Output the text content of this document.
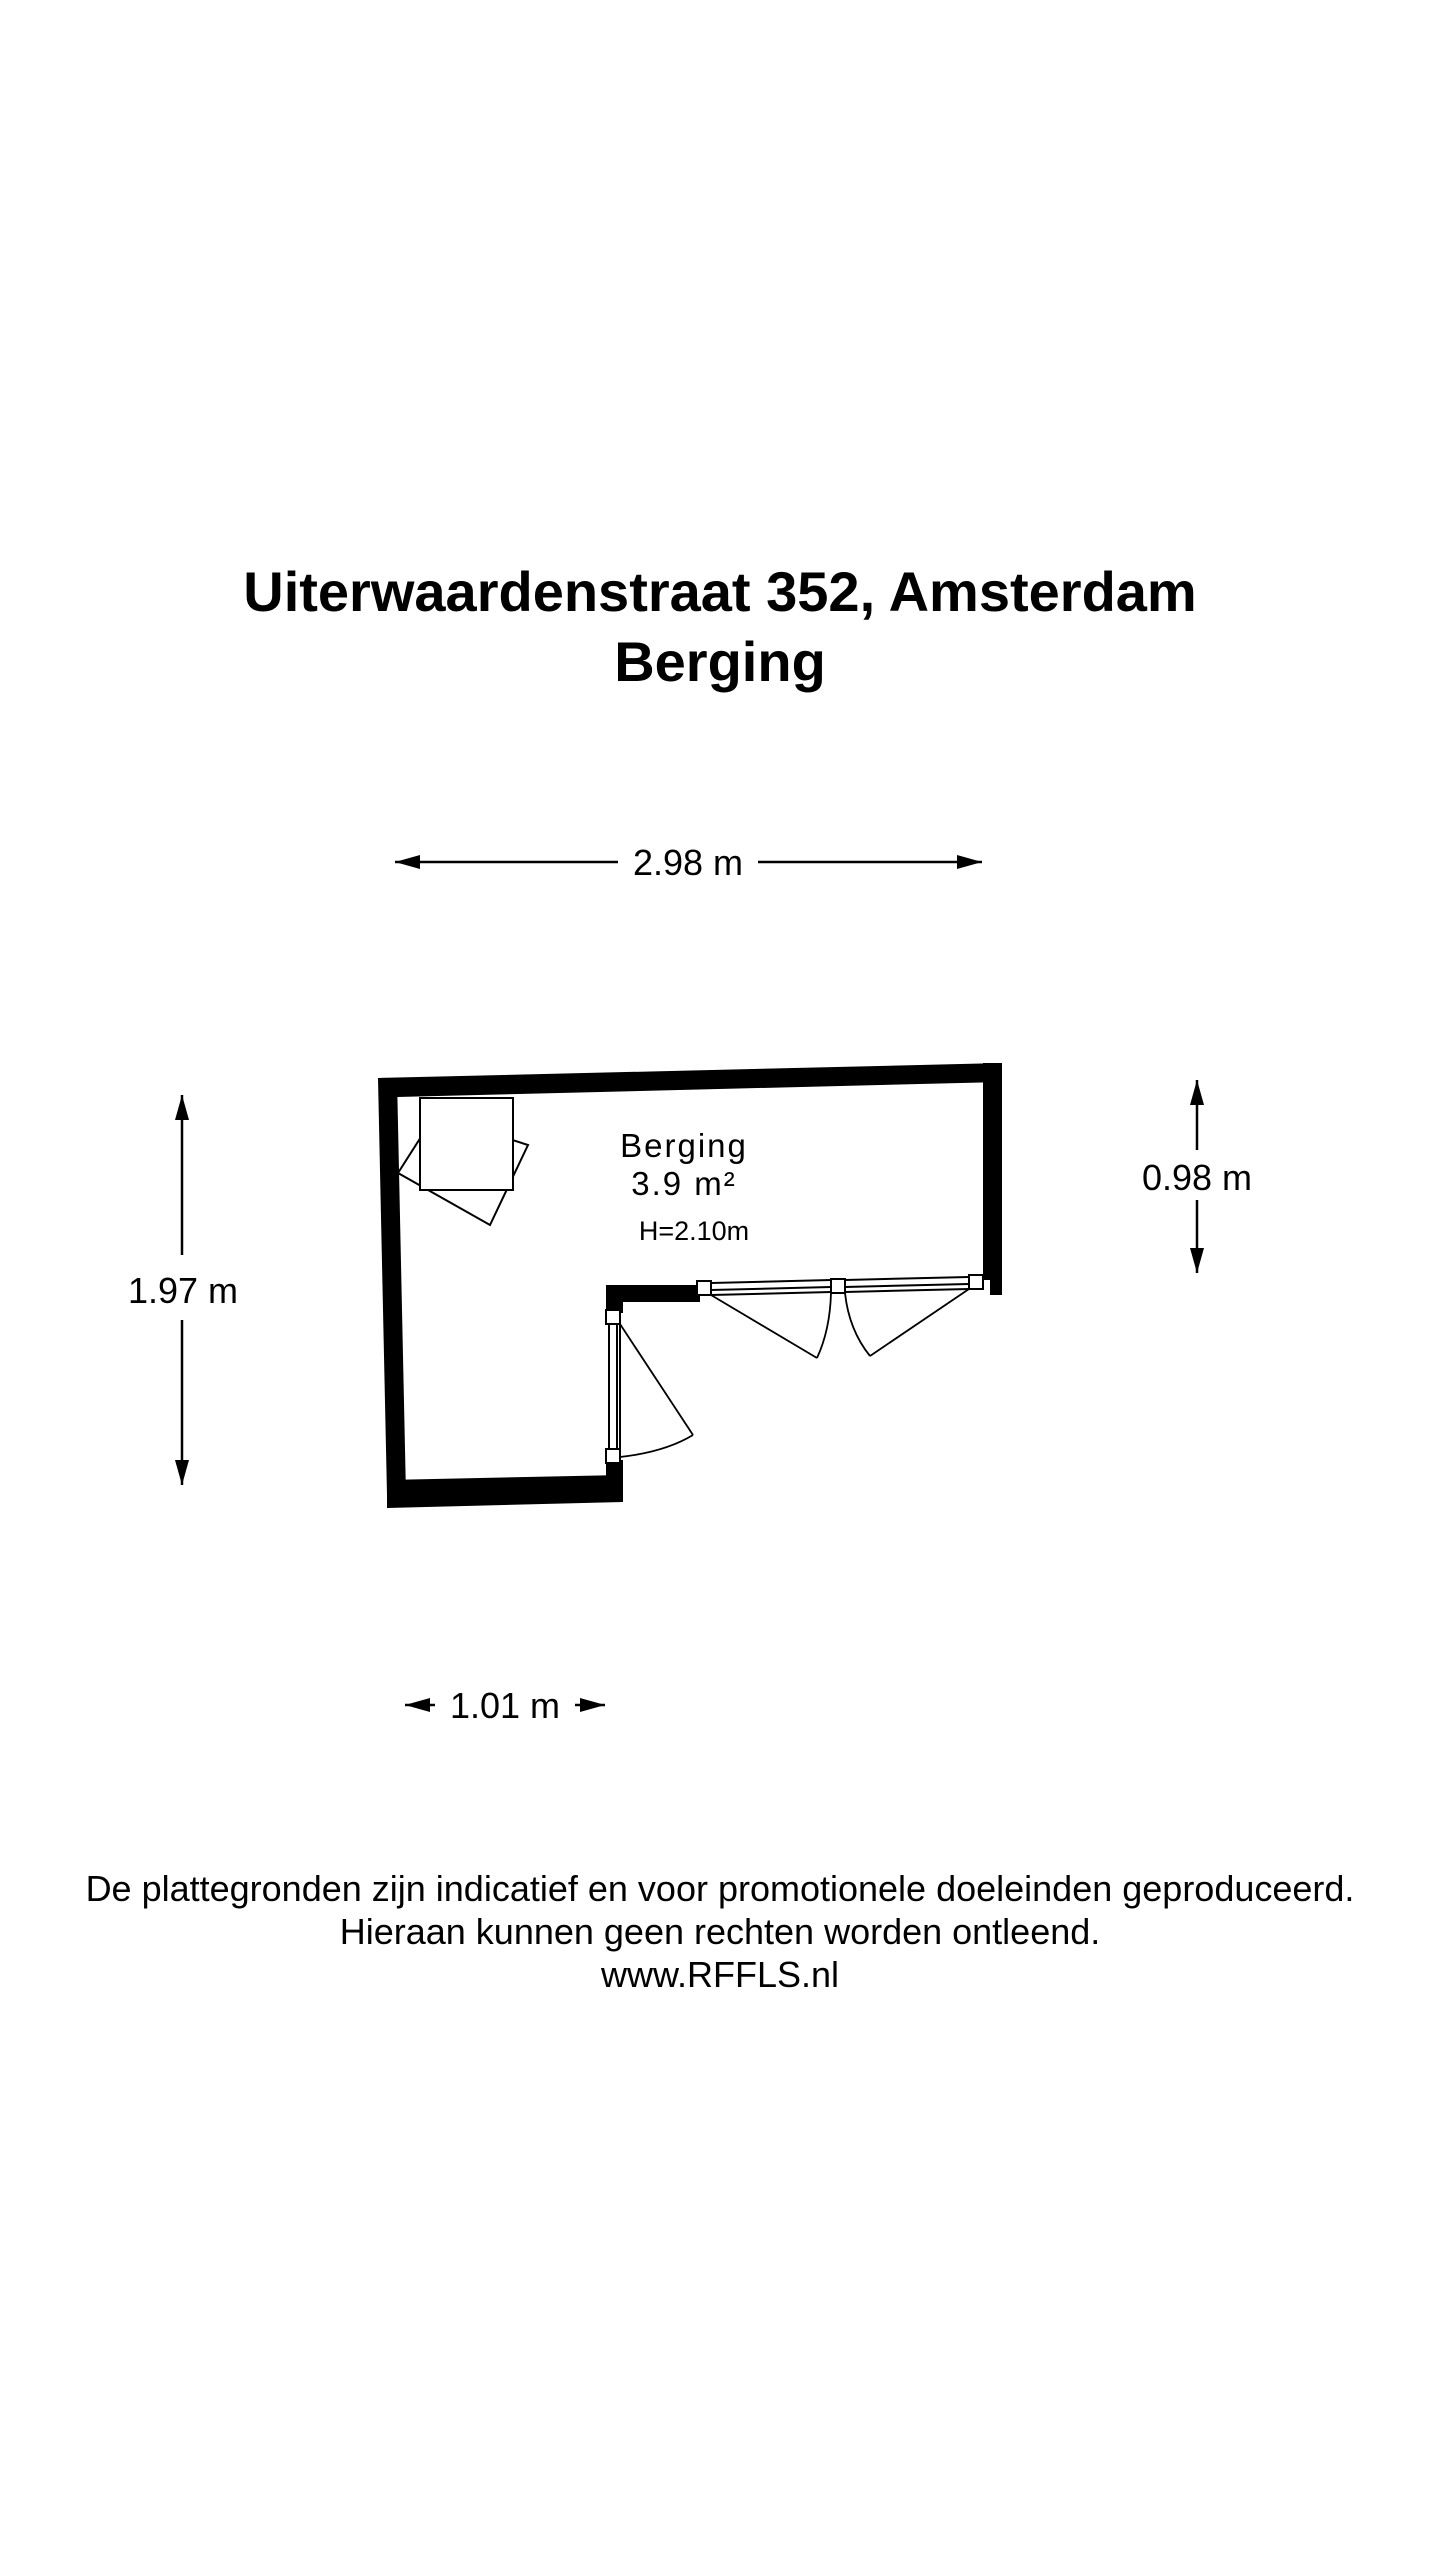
Uiterwaardenstraat 352, Amsterdam
Berging
2.98 m
1.97 m
0.98 m
1.01 m
Berging
3.9 m²
H=2.10m

De plattegronden zijn indicatief en voor promotionele doeleinden geproduceerd.

Hieraan kunnen geen rechten worden ontleend.

www.RFFLS.nl
